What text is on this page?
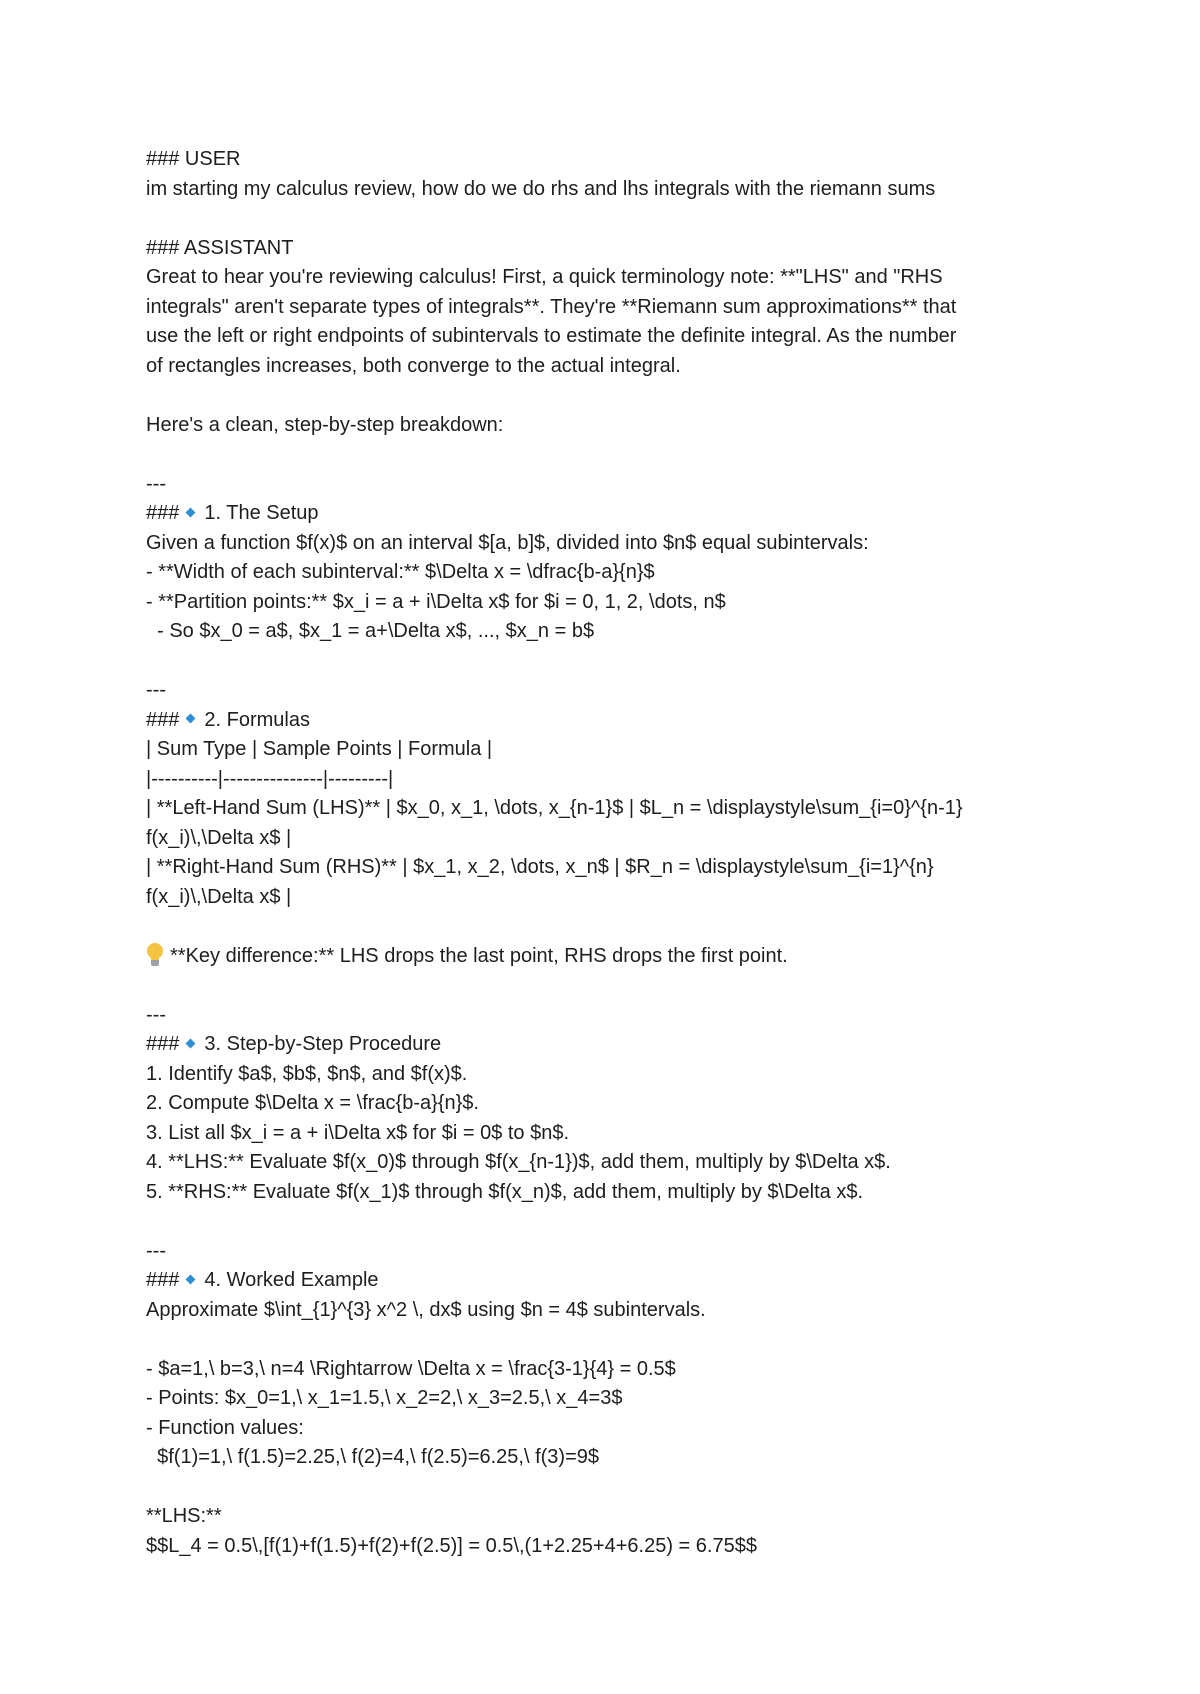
### USER
im starting my calculus review, how do we do rhs and lhs integrals with the riemann sums
### ASSISTANT
Great to hear you're reviewing calculus! First, a quick terminology note: **"LHS" and "RHS
integrals" aren't separate types of integrals**. They're **Riemann sum approximations** that
use the left or right endpoints of subintervals to estimate the definite integral. As the number
of rectangles increases, both converge to the actual integral.
Here's a clean, step-by-step breakdown:
---
### 1. The Setup
Given a function $f(x)$ on an interval $[a, b]$, divided into $n$ equal subintervals:
- **Width of each subinterval:** $\Delta x = \dfrac{b-a}{n}$
- **Partition points:** $x_i = a + i\Delta x$ for $i = 0, 1, 2, \dots, n$
- So $x_0 = a$, $x_1 = a+\Delta x$, ..., $x_n = b$
---
### 2. Formulas
| Sum Type | Sample Points | Formula |
|----------|---------------|---------|
| **Left-Hand Sum (LHS)** | $x_0, x_1, \dots, x_{n-1}$ | $L_n = \displaystyle\sum_{i=0}^{n-1}
f(x_i)\,\Delta x$ |
| **Right-Hand Sum (RHS)** | $x_1, x_2, \dots, x_n$ | $R_n = \displaystyle\sum_{i=1}^{n}
f(x_i)\,\Delta x$ |
**Key difference:** LHS drops the last point, RHS drops the first point.
---
### 3. Step-by-Step Procedure
1. Identify $a$, $b$, $n$, and $f(x)$.
2. Compute $\Delta x = \frac{b-a}{n}$.
3. List all $x_i = a + i\Delta x$ for $i = 0$ to $n$.
4. **LHS:** Evaluate $f(x_0)$ through $f(x_{n-1})$, add them, multiply by $\Delta x$.
5. **RHS:** Evaluate $f(x_1)$ through $f(x_n)$, add them, multiply by $\Delta x$.
---
### 4. Worked Example
Approximate $\int_{1}^{3} x^2 \, dx$ using $n = 4$ subintervals.
- $a=1,\ b=3,\ n=4 \Rightarrow \Delta x = \frac{3-1}{4} = 0.5$
- Points: $x_0=1,\ x_1=1.5,\ x_2=2,\ x_3=2.5,\ x_4=3$
- Function values:
$f(1)=1,\ f(1.5)=2.25,\ f(2)=4,\ f(2.5)=6.25,\ f(3)=9$
**LHS:**
$$L_4 = 0.5\,[f(1)+f(1.5)+f(2)+f(2.5)] = 0.5\,(1+2.25+4+6.25) = 6.75$$
